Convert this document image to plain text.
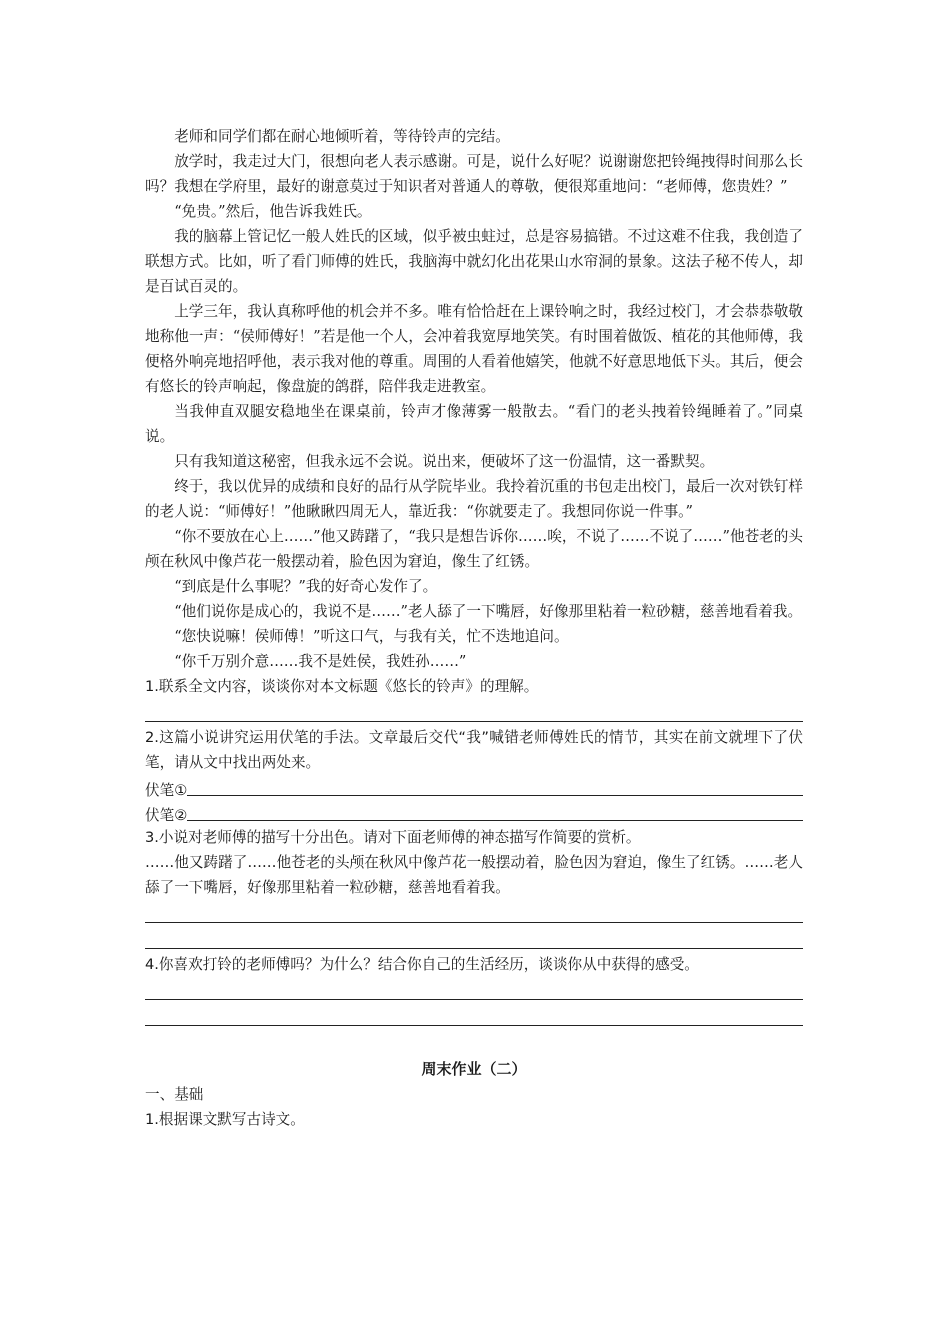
老师和同学们都在耐心地倾听着，等待铃声的完结。

放学时，我走过大门，很想向老人表示感谢。可是，说什么好呢？说谢谢您把铃绳拽得时间那么长吗？我想在学府里，最好的谢意莫过于知识者对普通人的尊敬，便很郑重地问：“老师傅，您贵姓？”

“免贵。”然后，他告诉我姓氏。

我的脑幕上管记忆一般人姓氏的区域，似乎被虫蛀过，总是容易搞错。不过这难不住我，我创造了联想方式。比如，听了看门师傅的姓氏，我脑海中就幻化出花果山水帘洞的景象。这法子秘不传人，却是百试百灵的。

上学三年，我认真称呼他的机会并不多。唯有恰恰赶在上课铃响之时，我经过校门，才会恭恭敬敬地称他一声：“侯师傅好！”若是他一个人，会冲着我宽厚地笑笑。有时围着做饭、植花的其他师傅，我便格外响亮地招呼他，表示我对他的尊重。周围的人看着他嬉笑，他就不好意思地低下头。其后，便会有悠长的铃声响起，像盘旋的鸽群，陪伴我走进教室。

当我伸直双腿安稳地坐在课桌前，铃声才像薄雾一般散去。“看门的老头拽着铃绳睡着了。”同桌说。

只有我知道这秘密，但我永远不会说。说出来，便破坏了这一份温情，这一番默契。

终于，我以优异的成绩和良好的品行从学院毕业。我拎着沉重的书包走出校门，最后一次对铁钉样的老人说：“师傅好！”他瞅瞅四周无人，靠近我：“你就要走了。我想同你说一件事。”

“你不要放在心上……”他又踌躇了，“我只是想告诉你……唉，不说了……不说了……”他苍老的头颅在秋风中像芦花一般摆动着，脸色因为窘迫，像生了红锈。

“到底是什么事呢？”我的好奇心发作了。

“他们说你是成心的，我说不是……”老人舔了一下嘴唇，好像那里粘着一粒砂糖，慈善地看着我。

“您快说嘛！侯师傅！”听这口气，与我有关，忙不迭地追问。

“你千万别介意……我不是姓侯，我姓孙……”

1.联系全文内容，谈谈你对本文标题《悠长的铃声》的理解。

2.这篇小说讲究运用伏笔的手法。文章最后交代“我”喊错老师傅姓氏的情节，其实在前文就埋下了伏笔，请从文中找出两处来。

伏笔①
伏笔②

3.小说对老师傅的描写十分出色。请对下面老师傅的神态描写作简要的赏析。

……他又踌躇了……他苍老的头颅在秋风中像芦花一般摆动着，脸色因为窘迫，像生了红锈。……老人舔了一下嘴唇，好像那里粘着一粒砂糖，慈善地看着我。

4.你喜欢打铃的老师傅吗？为什么？结合你自己的生活经历，谈谈你从中获得的感受。

周末作业（二）

一、基础

1.根据课文默写古诗文。
